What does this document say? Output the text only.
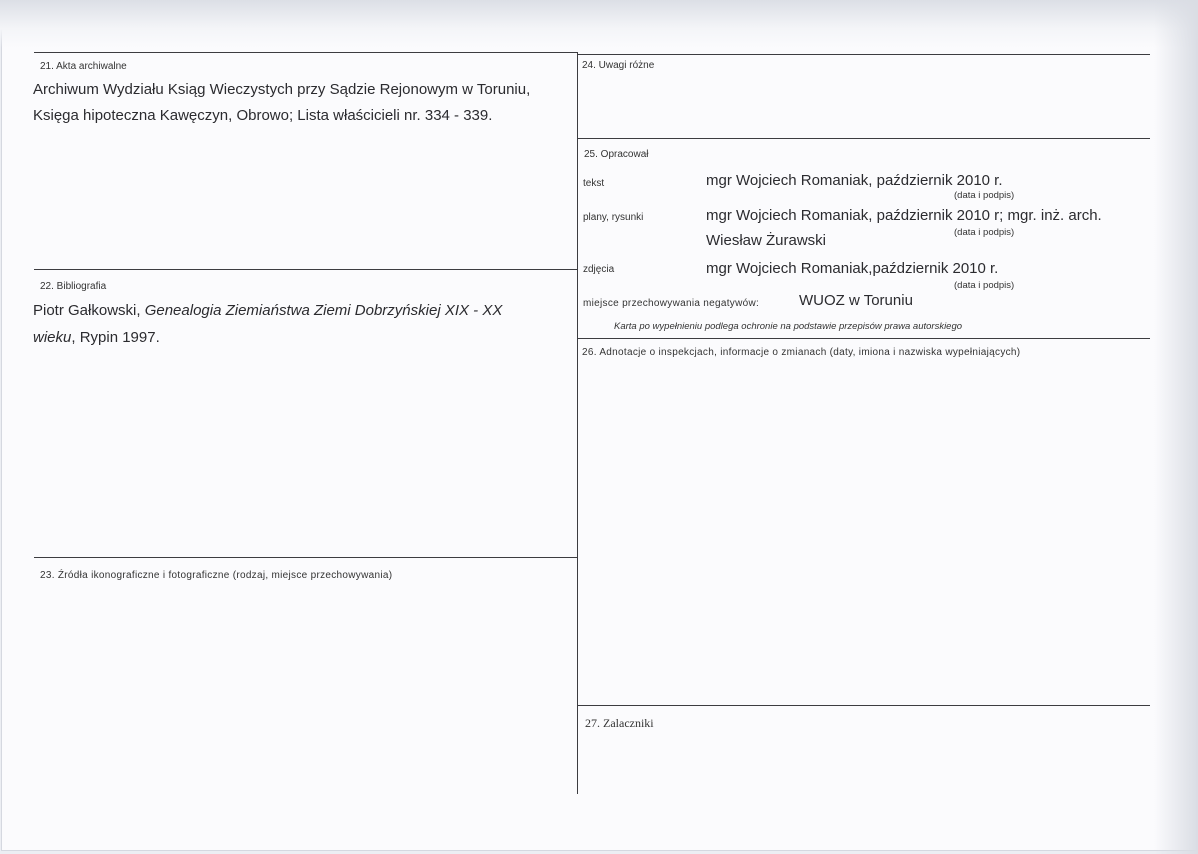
21. Akta archiwalne
Archiwum Wydziału Ksiąg Wieczystych przy Sądzie Rejonowym w Toruniu,
Księga hipoteczna Kawęczyn, Obrowo; Lista właścicieli nr. 334 - 339.
22. Bibliografia
Piotr Gałkowski, Genealogia Ziemiaństwa Ziemi Dobrzyńskiej XIX - XX
wieku, Rypin 1997.
23. Źródła ikonograficzne i fotograficzne (rodzaj, miejsce przechowywania)
24. Uwagi różne
25. Opracował
tekst	mgr Wojciech Romaniak, październik 2010 r.
(data i podpis)
plany, rysunki	mgr Wojciech Romaniak, październik 2010 r; mgr. inż. arch.
(data i podpis)
Wiesław Żurawski
zdjęcia	mgr Wojciech Romaniak,październik 2010 r.
(data i podpis)
miejsce przechowywania negatywów:	WUOZ w Toruniu
Karta po wypełnieniu podlega ochronie na podstawie przepisów prawa autorskiego
26. Adnotacje o inspekcjach, informacje o zmianach (daty, imiona i nazwiska wypełniających)
27. Zalaczniki
